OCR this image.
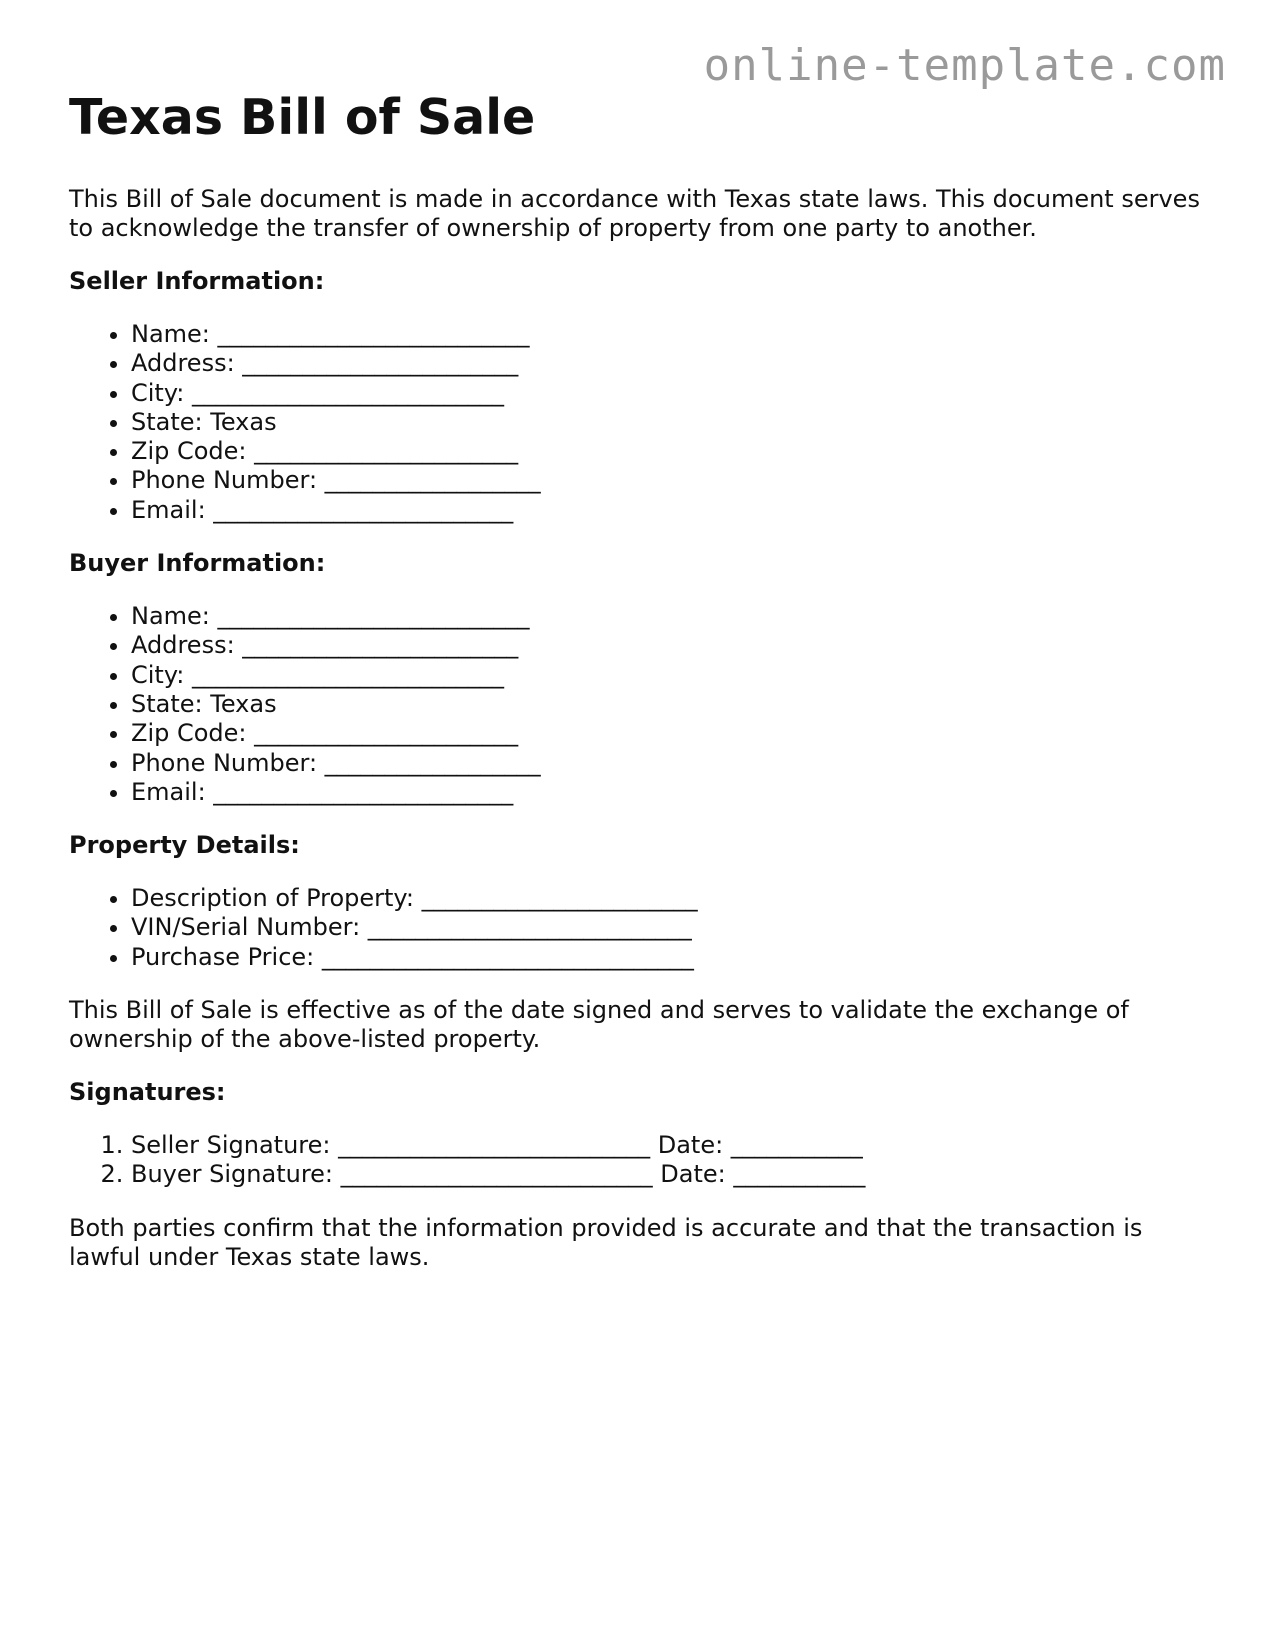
online-template.com
Texas Bill of Sale

This Bill of Sale document is made in accordance with Texas state laws. This document serves to acknowledge the transfer of ownership of property from one party to another.

Seller Information:
• Name: __________________________
• Address: _______________________
• City: __________________________
• State: Texas
• Zip Code: ______________________
• Phone Number: __________________
• Email: _________________________
Buyer Information:
• Name: __________________________
• Address: _______________________
• City: __________________________
• State: Texas
• Zip Code: ______________________
• Phone Number: __________________
• Email: _________________________
Property Details:
• Description of Property: _______________________
• VIN/Serial Number: ___________________________
• Purchase Price: _______________________________

This Bill of Sale is effective as of the date signed and serves to validate the exchange of ownership of the above-listed property.

Signatures:
1. Seller Signature: __________________________ Date: ___________
2. Buyer Signature: __________________________ Date: ___________

Both parties confirm that the information provided is accurate and that the transaction is lawful under Texas state laws.
